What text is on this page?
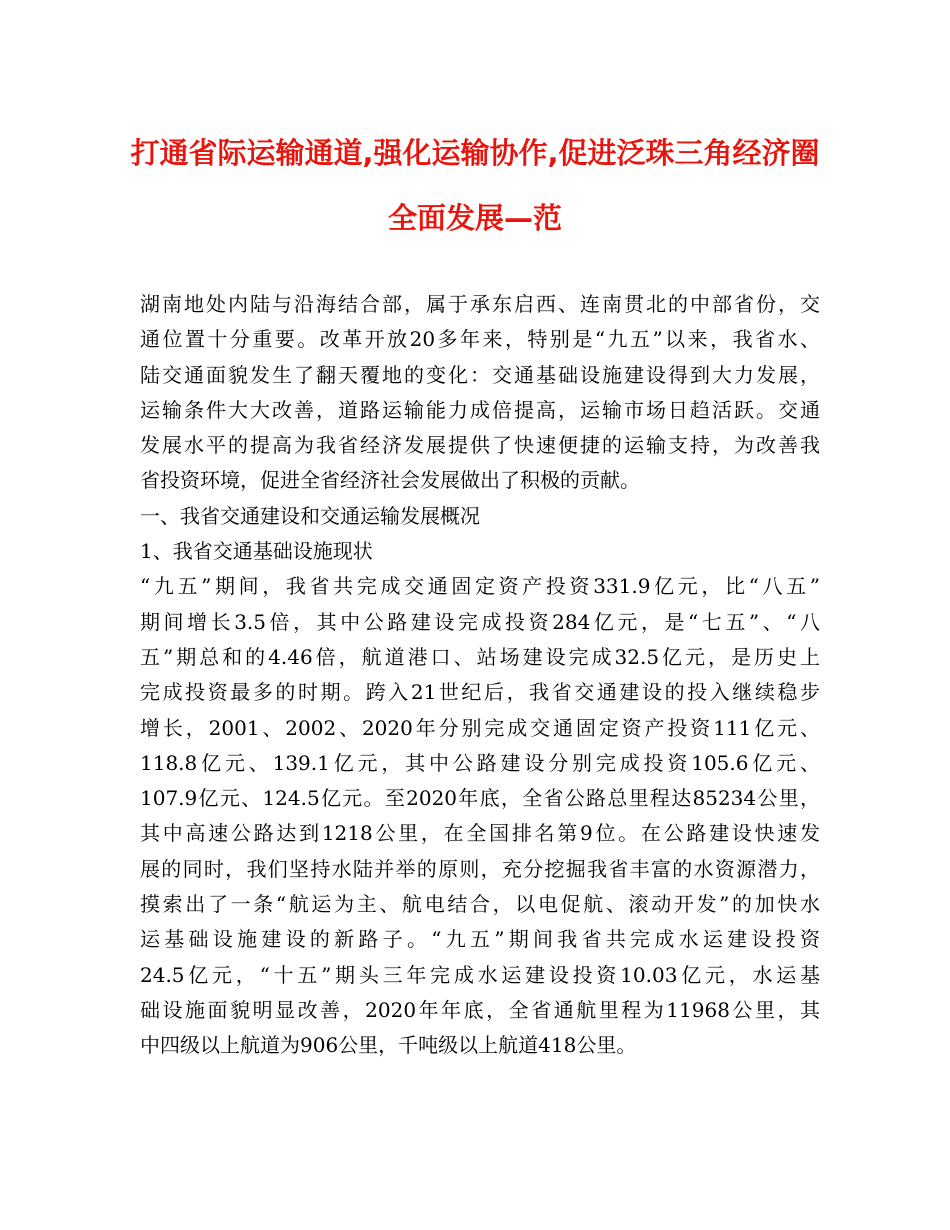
打通省际运输通道,强化运输协作,促进泛珠三角经济圈
全面发展—范
湖南地处内陆与沿海结合部，属于承东启西、连南贯北的中部省份，交
通位置十分重要。改革开放20多年来，特别是“九五”以来，我省水、
陆交通面貌发生了翻天覆地的变化：交通基础设施建设得到大力发展，
运输条件大大改善，道路运输能力成倍提高，运输市场日趋活跃。交通
发展水平的提高为我省经济发展提供了快速便捷的运输支持，为改善我
省投资环境，促进全省经济社会发展做出了积极的贡献。
一、我省交通建设和交通运输发展概况
1、我省交通基础设施现状
“九五”期间，我省共完成交通固定资产投资331.9亿元，比“八五”
期间增长3.5倍，其中公路建设完成投资284亿元，是“七五”、“八
五”期总和的4.46倍，航道港口、站场建设完成32.5亿元，是历史上
完成投资最多的时期。跨入21世纪后，我省交通建设的投入继续稳步
增长，2001、2002、2020年分别完成交通固定资产投资111亿元、
118.8亿元、139.1亿元，其中公路建设分别完成投资105.6亿元、
107.9亿元、124.5亿元。至2020年底，全省公路总里程达85234公里，
其中高速公路达到1218公里，在全国排名第9位。在公路建设快速发
展的同时，我们坚持水陆并举的原则，充分挖掘我省丰富的水资源潜力，
摸索出了一条“航运为主、航电结合，以电促航、滚动开发”的加快水
运基础设施建设的新路子。“九五”期间我省共完成水运建设投资
24.5亿元，“十五”期头三年完成水运建设投资10.03亿元，水运基
础设施面貌明显改善，2020年年底，全省通航里程为11968公里，其
中四级以上航道为906公里，千吨级以上航道418公里。
